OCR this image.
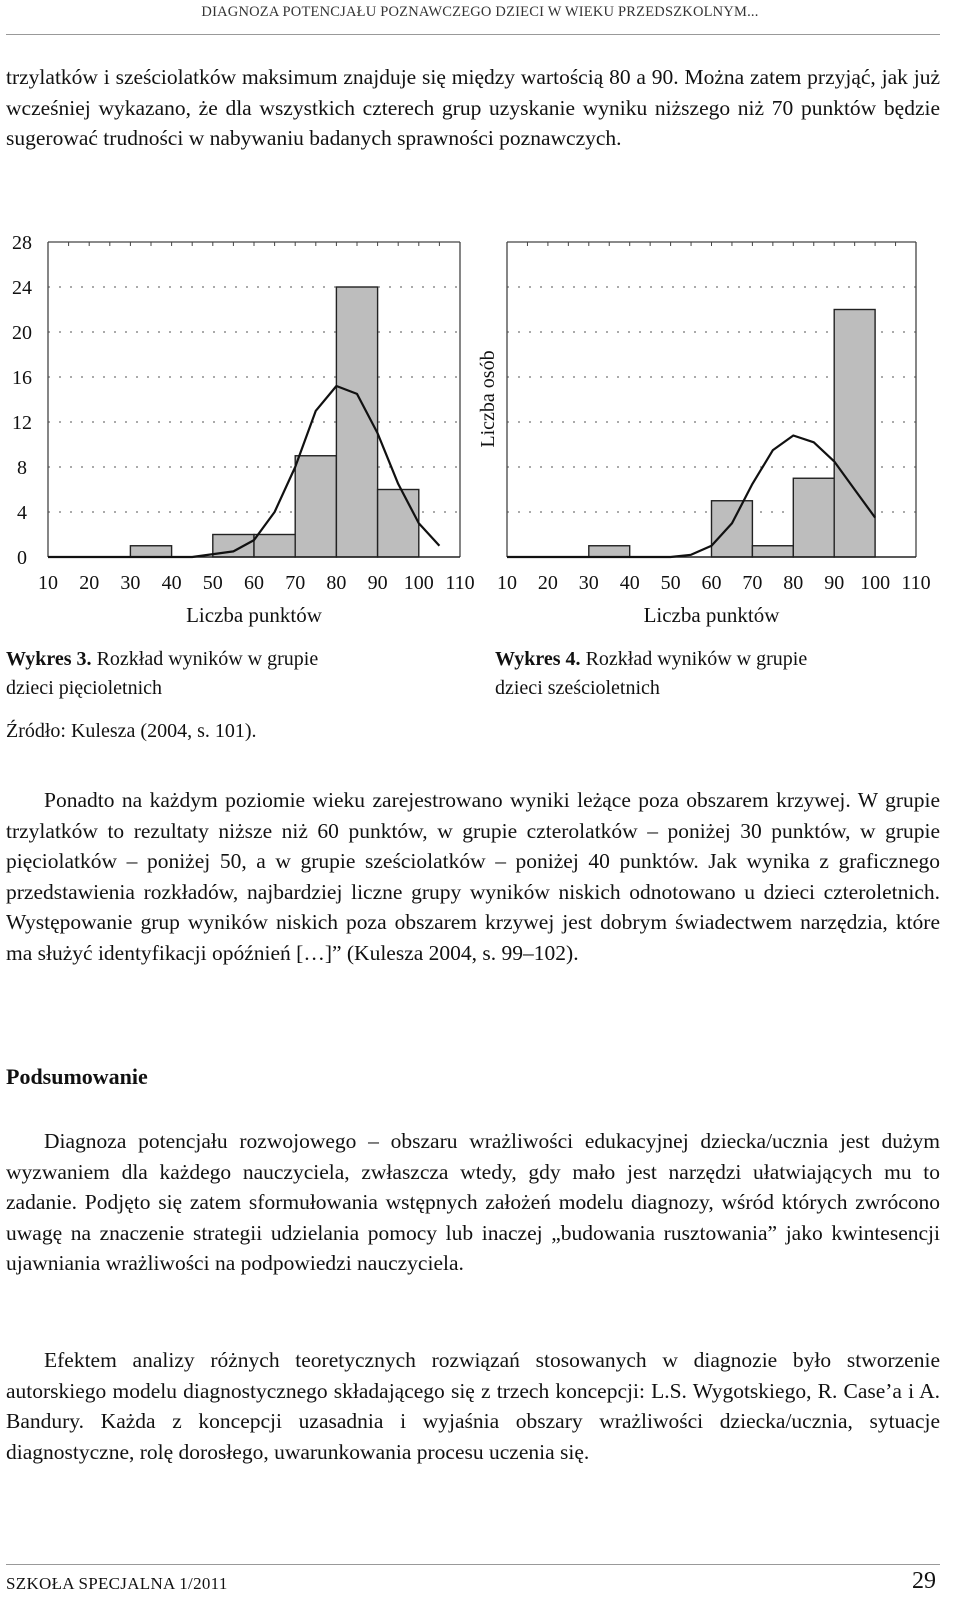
DIAGNOZA POTENCJAŁU POZNAWCZEGO DZIECI W WIEKU PRZEDSZKOLNYM...

trzylatków i sześciolatków maksimum znajduje się między wartością 80 a 90. Można zatem przyjąć, jak już wcześniej wykazano, że dla wszystkich czterech grup uzyskanie wyniku niższego niż 70 punktów będzie sugerować trudności w nabywaniu badanych sprawności poznawczych.

10 20 30 40 50 60 70 80 90 100 110
0
4
8
12
16
20
24
28
Liczba punktów
10 20 30 40 50 60 70 80 90 100 110
Liczba punktów
Liczba osób
Wykres 3. Rozkład wyników w grupie
dzieci pięcioletnich
Wykres 4. Rozkład wyników w grupie
dzieci sześcioletnich
Źródło: Kulesza (2004, s. 101).

Ponadto na każdym poziomie wieku zarejestrowano wyniki leżące poza obszarem krzywej. W grupie trzylatków to rezultaty niższe niż 60 punktów, w grupie czterolatków – poniżej 30 punktów, w grupie pięciolatków – poniżej 50, a w grupie sześciolatków – poniżej 40 punktów. Jak wynika z graficznego przedstawienia rozkładów, najbardziej liczne grupy wyników niskich odnotowano u dzieci czteroletnich. Występowanie grup wyników niskich poza obszarem krzywej jest dobrym świadectwem narzędzia, które ma służyć identyfikacji opóźnień […]” (Kulesza 2004, s. 99–102).

Podsumowanie

Diagnoza potencjału rozwojowego – obszaru wrażliwości edukacyjnej dziecka/ucznia jest dużym wyzwaniem dla każdego nauczyciela, zwłaszcza wtedy, gdy mało jest narzędzi ułatwiających mu to zadanie. Podjęto się zatem sformułowania wstępnych założeń modelu diagnozy, wśród których zwrócono uwagę na znaczenie strategii udzielania pomocy lub inaczej „budowania rusztowania” jako kwintesencji ujawniania wrażliwości na podpowiedzi nauczyciela.

Efektem analizy różnych teoretycznych rozwiązań stosowanych w diagnozie było stworzenie autorskiego modelu diagnostycznego składającego się z trzech koncepcji: L.S. Wygotskiego, R. Case’a i A. Bandury. Każda z koncepcji uzasadnia i wyjaśnia obszary wrażliwości dziecka/ucznia, sytuacje diagnostyczne, rolę dorosłego, uwarunkowania procesu uczenia się.

SZKOŁA SPECJALNA 1/2011	29
